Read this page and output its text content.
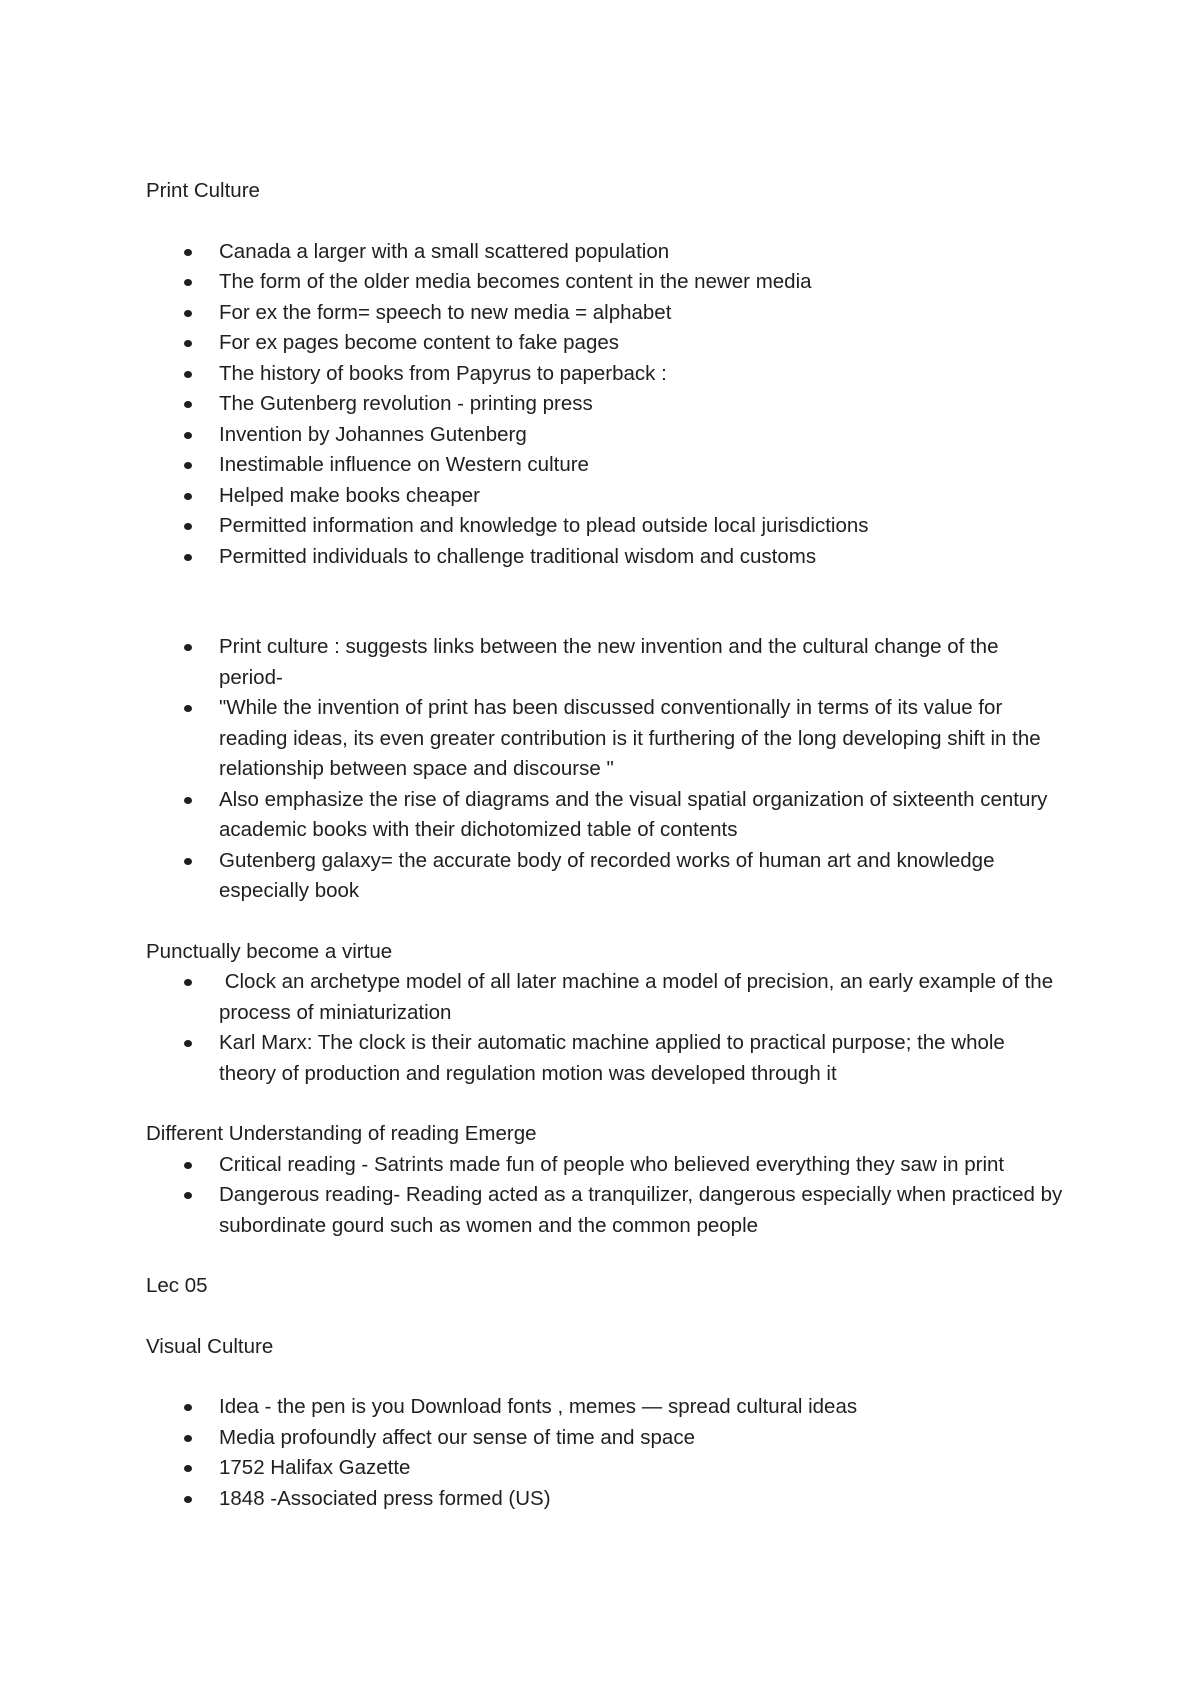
Print Culture

Canada a larger with a small scattered population
The form of the older media becomes content in the newer media
For ex the form= speech to new media = alphabet
For ex pages become content to fake pages
The history of books from Papyrus to paperback :
The Gutenberg revolution - printing press
Invention by Johannes Gutenberg
Inestimable influence on Western culture
Helped make books cheaper
Permitted information and knowledge to plead outside local jurisdictions
Permitted individuals to challenge traditional wisdom and customs
Print culture : suggests links between the new invention and the cultural change of the period-
"While the invention of print has been discussed conventionally in terms of its value for reading ideas, its even greater contribution is it furthering of the long developing shift in the relationship between space and discourse "
Also emphasize the rise of diagrams and the visual spatial organization of sixteenth century academic books with their dichotomized table of contents
Gutenberg galaxy= the accurate body of recorded works of human art and knowledge especially book

Punctually become a virtue

Clock an archetype model of all later machine a model of precision, an early example of the process of miniaturization
Karl Marx: The clock is their automatic machine applied to practical purpose; the whole theory of production and regulation motion was developed through it

Different Understanding of reading Emerge

Critical reading - Satrints made fun of people who believed everything they saw in print
Dangerous reading- Reading acted as a tranquilizer, dangerous especially when practiced by subordinate gourd such as women and the common people

Lec 05

Visual Culture

Idea - the pen is you Download fonts , memes — spread cultural ideas
Media profoundly affect our sense of time and space
1752 Halifax Gazette
1848 -Associated press formed (US)
